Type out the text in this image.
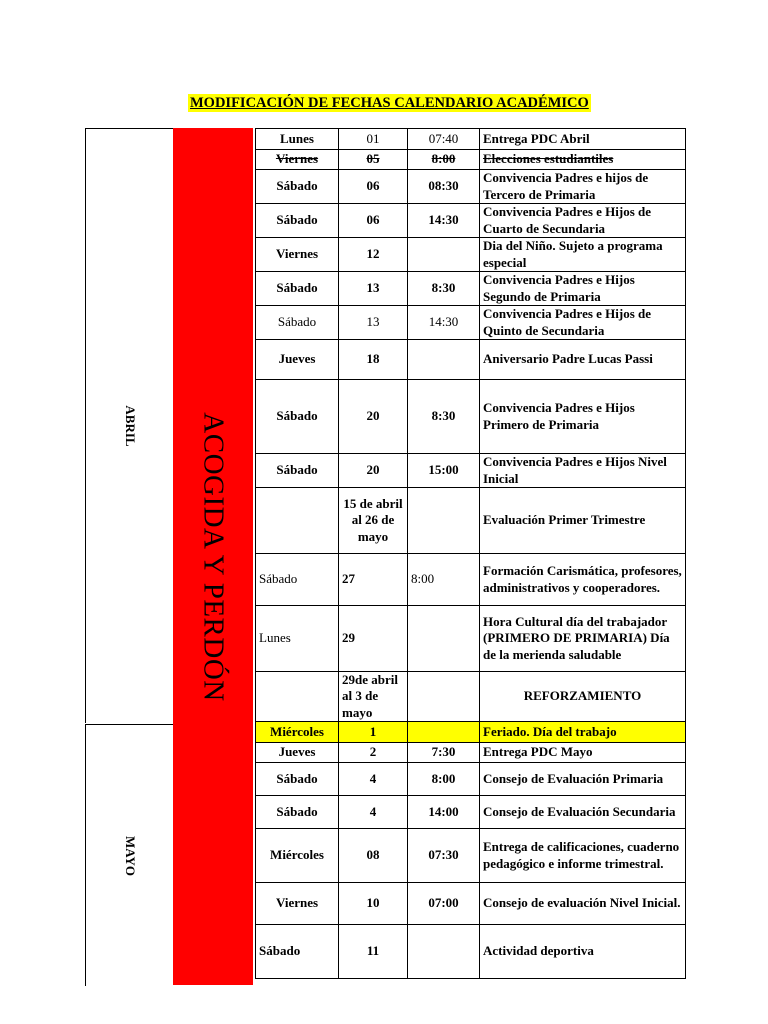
MODIFICACIÓN DE FECHAS CALENDARIO ACADÉMICO
ABRIL
MAYO
ACOGIDA Y PERDÓN
Lunes	01	07:40	Entrega PDC Abril
Viernes	05	8:00	Elecciones estudiantiles
Sábado	06	08:30	Convivencia Padres e hijos de Tercero de Primaria
Sábado	06	14:30	Convivencia Padres e Hijos de Cuarto de Secundaria
Viernes	12		Dia del Niño. Sujeto a programa especial
Sábado	13	8:30	Convivencia Padres e Hijos Segundo de Primaria
Sábado	13	14:30	Convivencia Padres e Hijos de Quinto de Secundaria
Jueves	18		Aniversario Padre Lucas Passi
Sábado	20	8:30	Convivencia Padres e Hijos Primero de Primaria
Sábado	20	15:00	Convivencia Padres e Hijos Nivel Inicial
	15 de abril al 26 de mayo		Evaluación Primer Trimestre
Sábado	27	8:00	Formación Carismática, profesores, administrativos y cooperadores.
Lunes	29		Hora Cultural día del trabajador (PRIMERO DE PRIMARIA) Día de la merienda saludable
	29de abril al 3 de mayo		REFORZAMIENTO
Miércoles	1		Feriado. Día del trabajo
Jueves	2	7:30	Entrega PDC Mayo
Sábado	4	8:00	Consejo de Evaluación Primaria
Sábado	4	14:00	Consejo de Evaluación Secundaria
Miércoles	08	07:30	Entrega de calificaciones, cuaderno pedagógico e informe trimestral.
Viernes	10	07:00	Consejo de evaluación Nivel Inicial.
Sábado	11		Actividad deportiva
